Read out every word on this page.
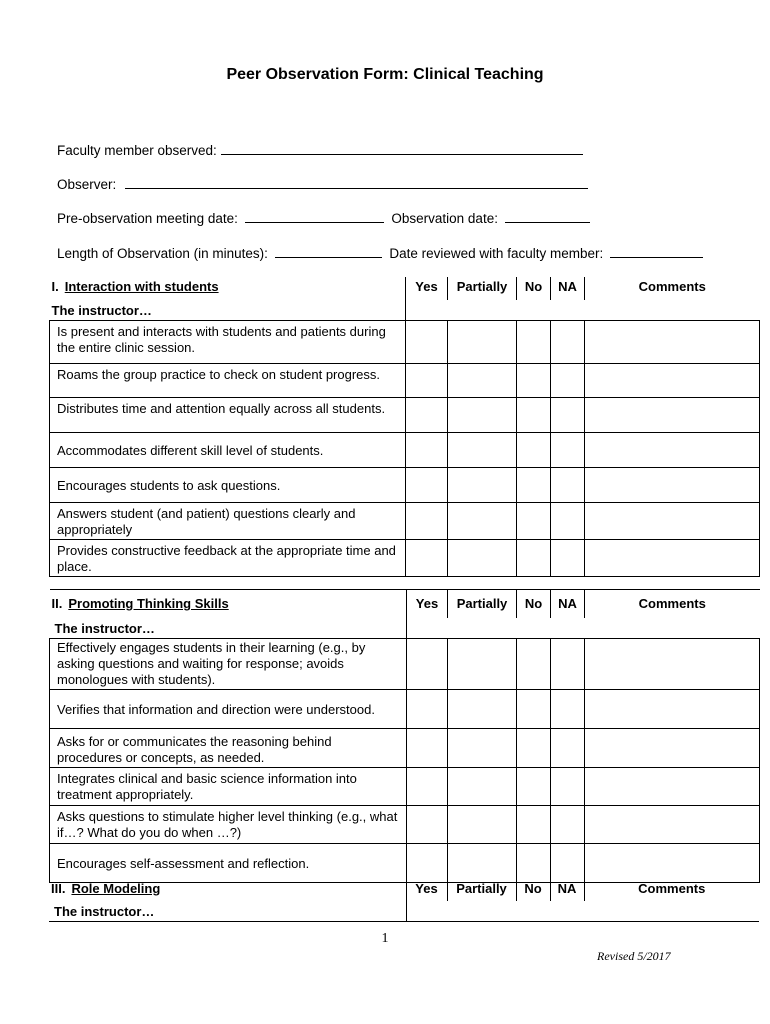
Peer Observation Form: Clinical Teaching
Faculty member observed:
Observer:
Pre-observation meeting date:	Observation date:
Length of Observation (in minutes):	Date reviewed with faculty member:
I. Interaction with students	Yes	Partially	No	NA	Comments
The instructor…					
Is present and interacts with students and patients during the entire clinic session.					
Roams the group practice to check on student progress.					
Distributes time and attention equally across all students.					
Accommodates different skill level of students.					
Encourages students to ask questions.					
Answers student (and patient) questions clearly and appropriately					
Provides constructive feedback at the appropriate time and place.					
II. Promoting Thinking Skills	Yes	Partially	No	NA	Comments
The instructor…					
Effectively engages students in their learning (e.g., by asking questions and waiting for response; avoids monologues with students).					
Verifies that information and direction were understood.					
Asks for or communicates the reasoning behind procedures or concepts, as needed.					
Integrates clinical and basic science information into treatment appropriately.					
Asks questions to stimulate higher level thinking (e.g., what if…? What do you do when …?)					
Encourages self-assessment and reflection.					
III. Role Modeling	Yes	Partially	No	NA	Comments
The instructor…					
1
Revised 5/2017
